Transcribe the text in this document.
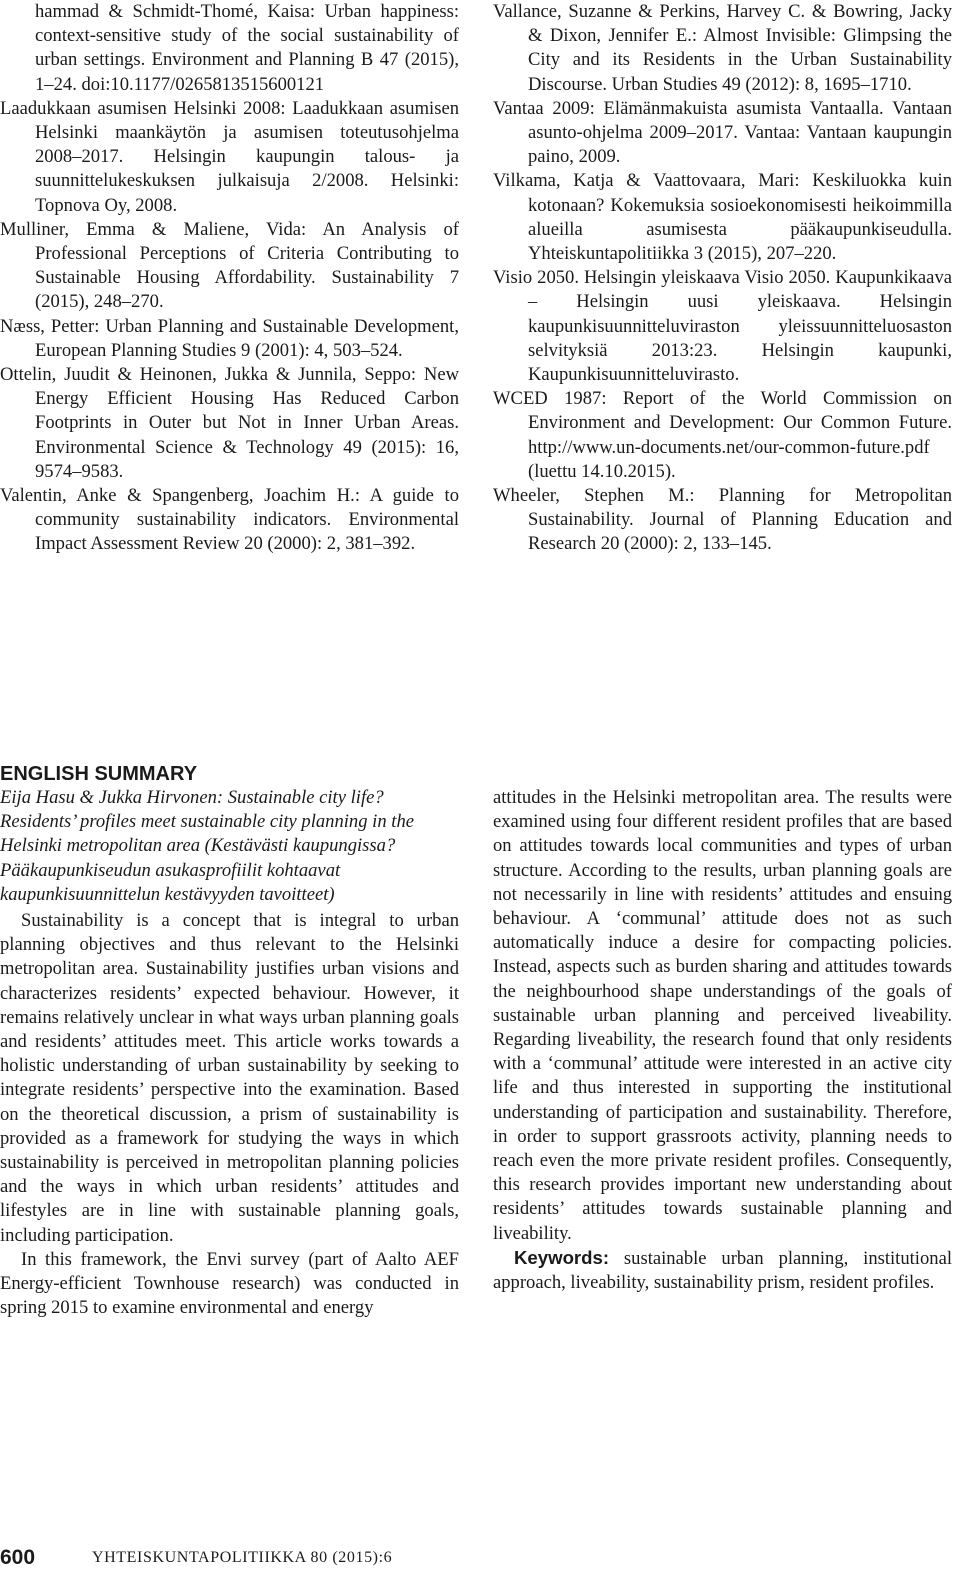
hammad & Schmidt-Thomé, Kaisa: Urban happiness: context-sensitive study of the social sustainability of urban settings. Environment and Planning B 47 (2015), 1–24. doi:10.1177/0265813515600121

Laadukkaan asumisen Helsinki 2008: Laadukkaan asumisen Helsinki maankäytön ja asumisen toteutusohjelma 2008–2017. Helsingin kaupungin talous- ja suunnittelukeskuksen julkaisuja 2/2008. Helsinki: Topnova Oy, 2008.

Mulliner, Emma & Maliene, Vida: An Analysis of Professional Perceptions of Criteria Contributing to Sustainable Housing Affordability. Sustainability 7 (2015), 248–270.

Næss, Petter: Urban Planning and Sustainable Development, European Planning Studies 9 (2001): 4, 503–524.

Ottelin, Juudit & Heinonen, Jukka & Junnila, Seppo: New Energy Efficient Housing Has Reduced Carbon Footprints in Outer but Not in Inner Urban Areas. Environmental Science & Technology 49 (2015): 16, 9574–9583.

Valentin, Anke & Spangenberg, Joachim H.: A guide to community sustainability indicators. Environmental Impact Assessment Review 20 (2000): 2, 381–392.

Vallance, Suzanne & Perkins, Harvey C. & Bowring, Jacky & Dixon, Jennifer E.: Almost Invisible: Glimpsing the City and its Residents in the Urban Sustainability Discourse. Urban Studies 49 (2012): 8, 1695–1710.

Vantaa 2009: Elämänmakuista asumista Vantaalla. Vantaan asunto-ohjelma 2009–2017. Vantaa: Vantaan kaupungin paino, 2009.

Vilkama, Katja & Vaattovaara, Mari: Keskiluokka kuin kotonaan? Kokemuksia sosioekonomisesti heikoimmilla alueilla asumisesta pääkaupunkiseudulla. Yhteiskuntapolitiikka 3 (2015), 207–220.

Visio 2050. Helsingin yleiskaava Visio 2050. Kaupunkikaava – Helsingin uusi yleiskaava. Helsingin kaupunkisuunnitteluviraston yleissuunnitteluosaston selvityksiä 2013:23. Helsingin kaupunki, Kaupunkisuunnitteluvirasto.

WCED 1987: Report of the World Commission on Environment and Development: Our Common Future. http://www.un-documents.net/our-common-future.pdf (luettu 14.10.2015).

Wheeler, Stephen M.: Planning for Metropolitan Sustainability. Journal of Planning Education and Research 20 (2000): 2, 133–145.

ENGLISH SUMMARY

Eija Hasu & Jukka Hirvonen: Sustainable city life? Residents’ profiles meet sustainable city planning in the Helsinki metropolitan area (Kestävästi kaupungissa? Pääkaupunkiseudun asukasprofiilit kohtaavat kaupunkisuunnittelun kestävyyden tavoitteet)

Sustainability is a concept that is integral to urban planning objectives and thus relevant to the Helsinki metropolitan area. Sustainability justifies urban visions and characterizes residents’ expected behaviour. However, it remains relatively unclear in what ways urban planning goals and residents’ attitudes meet. This article works towards a holistic understanding of urban sustainability by seeking to integrate residents’ perspective into the examination. Based on the theoretical discussion, a prism of sustainability is provided as a framework for studying the ways in which sustainability is perceived in metropolitan planning policies and the ways in which urban residents’ attitudes and lifestyles are in line with sustainable planning goals, including participation.

In this framework, the Envi survey (part of Aalto AEF Energy-efficient Townhouse research) was conducted in spring 2015 to examine environmental and energy

attitudes in the Helsinki metropolitan area. The results were examined using four different resident profiles that are based on attitudes towards local communities and types of urban structure. According to the results, urban planning goals are not necessarily in line with residents’ attitudes and ensuing behaviour. A ‘communal’ attitude does not as such automatically induce a desire for compacting policies. Instead, aspects such as burden sharing and attitudes towards the neighbourhood shape understandings of the goals of sustainable urban planning and perceived liveability. Regarding liveability, the research found that only residents with a ‘communal’ attitude were interested in an active city life and thus interested in supporting the institutional understanding of participation and sustainability. Therefore, in order to support grassroots activity, planning needs to reach even the more private resident profiles. Consequently, this research provides important new understanding about residents’ attitudes towards sustainable planning and liveability.

Keywords: sustainable urban planning, institutional approach, liveability, sustainability prism, resident profiles.

600	YHTEISKUNTAPOLITIIKKA 80 (2015):6
